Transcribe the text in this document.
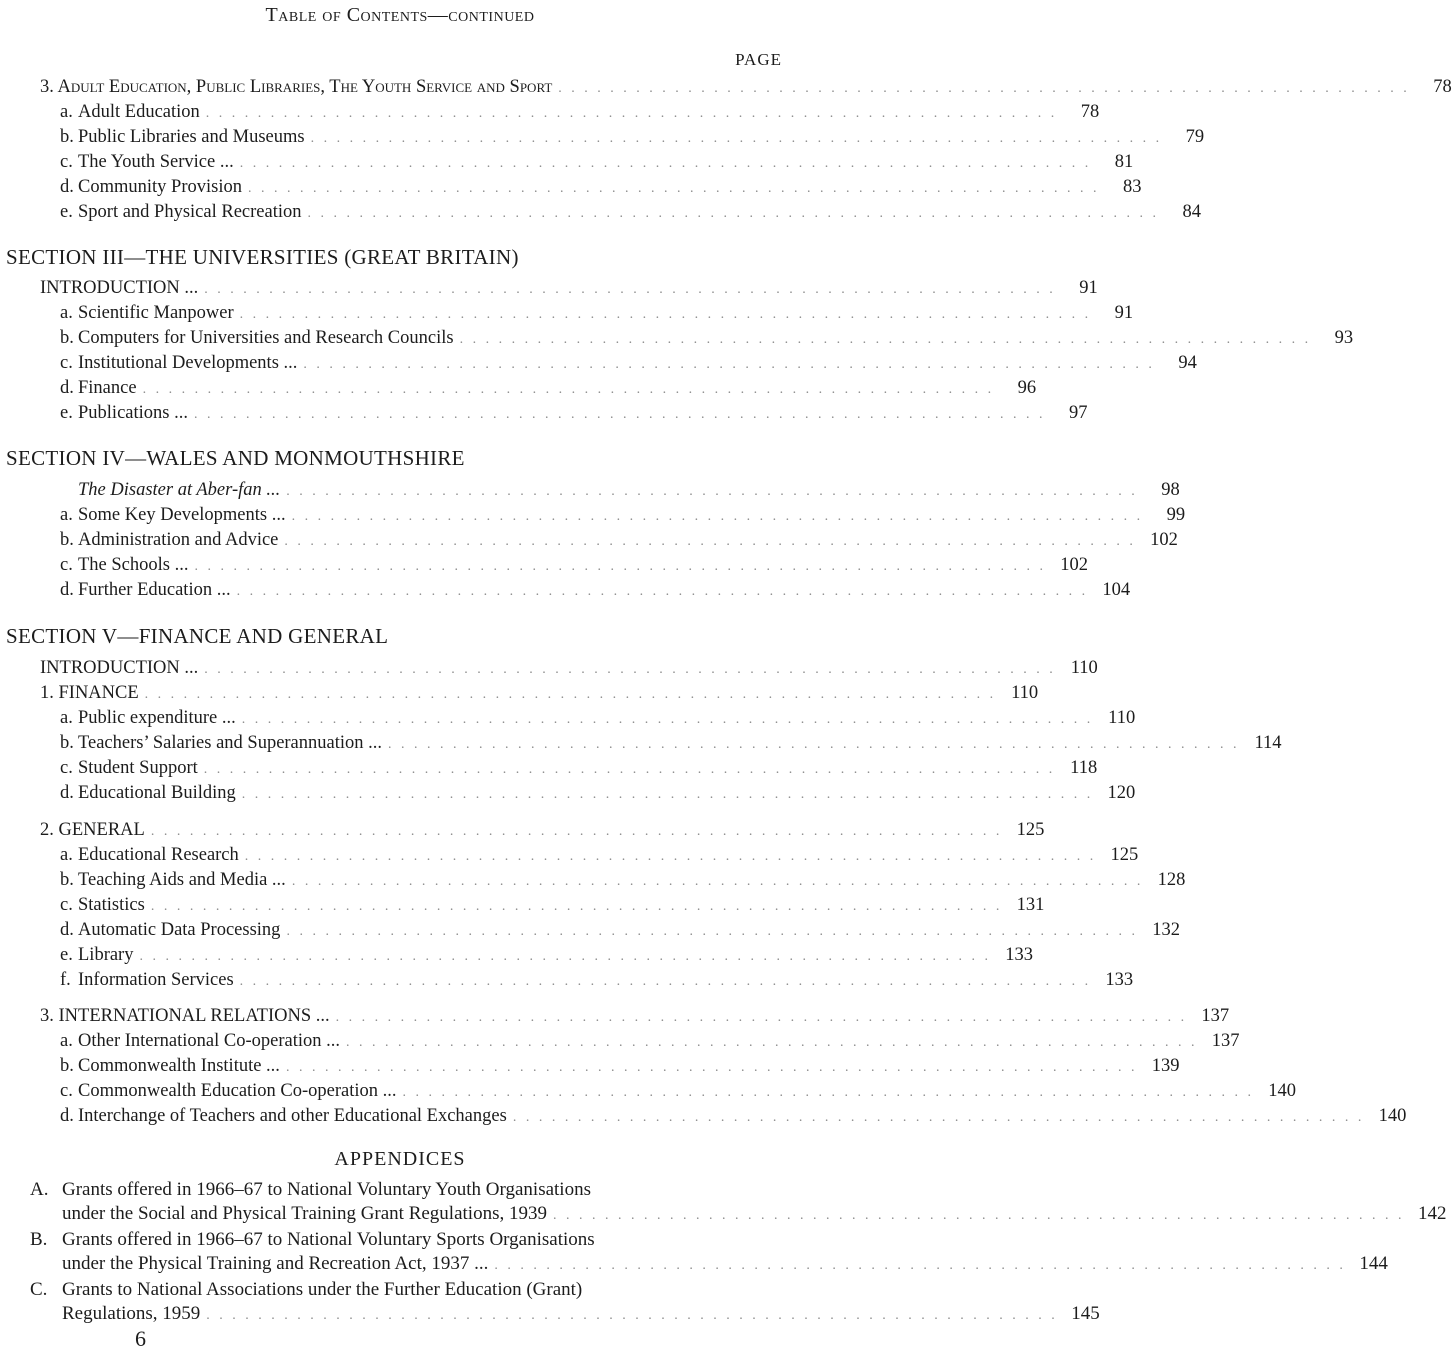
Table of Contents—continued
PAGE
3. Adult Education, Public Libraries, The Youth Service and Sport . . . . . . . . . . . . . . . . . . . . . . . . . . . . . . . . . . . . . . . . . . . . . . . . . . . . . . . . . . . . . . . . . .	78
a. Adult Education . . . . . . . . . . . . . . . . . . . . . . . . . . . . . . . . . . . . . . . . . . . . . . . . . . . . . . . . . . . . . . . . . .	78
b. Public Libraries and Museums . . . . . . . . . . . . . . . . . . . . . . . . . . . . . . . . . . . . . . . . . . . . . . . . . . . . . . . . . . . . . . . . . .	79
c. The Youth Service ... . . . . . . . . . . . . . . . . . . . . . . . . . . . . . . . . . . . . . . . . . . . . . . . . . . . . . . . . . . . . . . . . . .	81
d. Community Provision . . . . . . . . . . . . . . . . . . . . . . . . . . . . . . . . . . . . . . . . . . . . . . . . . . . . . . . . . . . . . . . . . .	83
e. Sport and Physical Recreation . . . . . . . . . . . . . . . . . . . . . . . . . . . . . . . . . . . . . . . . . . . . . . . . . . . . . . . . . . . . . . . . . .	84
SECTION III—THE UNIVERSITIES (GREAT BRITAIN)
INTRODUCTION ... . . . . . . . . . . . . . . . . . . . . . . . . . . . . . . . . . . . . . . . . . . . . . . . . . . . . . . . . . . . . . . . . . .	91
a. Scientific Manpower . . . . . . . . . . . . . . . . . . . . . . . . . . . . . . . . . . . . . . . . . . . . . . . . . . . . . . . . . . . . . . . . . .	91
b. Computers for Universities and Research Councils . . . . . . . . . . . . . . . . . . . . . . . . . . . . . . . . . . . . . . . . . . . . . . . . . . . . . . . . . . . . . . . . . .	93
c. Institutional Developments ... . . . . . . . . . . . . . . . . . . . . . . . . . . . . . . . . . . . . . . . . . . . . . . . . . . . . . . . . . . . . . . . . . .	94
d. Finance . . . . . . . . . . . . . . . . . . . . . . . . . . . . . . . . . . . . . . . . . . . . . . . . . . . . . . . . . . . . . . . . . .	96
e. Publications ... . . . . . . . . . . . . . . . . . . . . . . . . . . . . . . . . . . . . . . . . . . . . . . . . . . . . . . . . . . . . . . . . . .	97
SECTION IV—WALES AND MONMOUTHSHIRE
The Disaster at Aber-fan ... . . . . . . . . . . . . . . . . . . . . . . . . . . . . . . . . . . . . . . . . . . . . . . . . . . . . . . . . . . . . . . . . . .	98
a. Some Key Developments ... . . . . . . . . . . . . . . . . . . . . . . . . . . . . . . . . . . . . . . . . . . . . . . . . . . . . . . . . . . . . . . . . . .	99
b. Administration and Advice . . . . . . . . . . . . . . . . . . . . . . . . . . . . . . . . . . . . . . . . . . . . . . . . . . . . . . . . . . . . . . . . . . 102
c. The Schools ... . . . . . . . . . . . . . . . . . . . . . . . . . . . . . . . . . . . . . . . . . . . . . . . . . . . . . . . . . . . . . . . . . . 102
d. Further Education ... . . . . . . . . . . . . . . . . . . . . . . . . . . . . . . . . . . . . . . . . . . . . . . . . . . . . . . . . . . . . . . . . . . 104
SECTION V—FINANCE AND GENERAL
INTRODUCTION ... . . . . . . . . . . . . . . . . . . . . . . . . . . . . . . . . . . . . . . . . . . . . . . . . . . . . . . . . . . . . . . . . . . 110
1. FINANCE . . . . . . . . . . . . . . . . . . . . . . . . . . . . . . . . . . . . . . . . . . . . . . . . . . . . . . . . . . . . . . . . . . 110
a. Public expenditure ... . . . . . . . . . . . . . . . . . . . . . . . . . . . . . . . . . . . . . . . . . . . . . . . . . . . . . . . . . . . . . . . . . . 110
b. Teachers’ Salaries and Superannuation ... . . . . . . . . . . . . . . . . . . . . . . . . . . . . . . . . . . . . . . . . . . . . . . . . . . . . . . . . . . . . . . . . . . 114
c. Student Support . . . . . . . . . . . . . . . . . . . . . . . . . . . . . . . . . . . . . . . . . . . . . . . . . . . . . . . . . . . . . . . . . . 118
d. Educational Building . . . . . . . . . . . . . . . . . . . . . . . . . . . . . . . . . . . . . . . . . . . . . . . . . . . . . . . . . . . . . . . . . . 120
2. GENERAL . . . . . . . . . . . . . . . . . . . . . . . . . . . . . . . . . . . . . . . . . . . . . . . . . . . . . . . . . . . . . . . . . . 125
a. Educational Research . . . . . . . . . . . . . . . . . . . . . . . . . . . . . . . . . . . . . . . . . . . . . . . . . . . . . . . . . . . . . . . . . . 125
b. Teaching Aids and Media ... . . . . . . . . . . . . . . . . . . . . . . . . . . . . . . . . . . . . . . . . . . . . . . . . . . . . . . . . . . . . . . . . . . 128
c. Statistics . . . . . . . . . . . . . . . . . . . . . . . . . . . . . . . . . . . . . . . . . . . . . . . . . . . . . . . . . . . . . . . . . . 131
d. Automatic Data Processing . . . . . . . . . . . . . . . . . . . . . . . . . . . . . . . . . . . . . . . . . . . . . . . . . . . . . . . . . . . . . . . . . . 132
e. Library . . . . . . . . . . . . . . . . . . . . . . . . . . . . . . . . . . . . . . . . . . . . . . . . . . . . . . . . . . . . . . . . . . 133
f. Information Services . . . . . . . . . . . . . . . . . . . . . . . . . . . . . . . . . . . . . . . . . . . . . . . . . . . . . . . . . . . . . . . . . . 133
3. INTERNATIONAL RELATIONS ... . . . . . . . . . . . . . . . . . . . . . . . . . . . . . . . . . . . . . . . . . . . . . . . . . . . . . . . . . . . . . . . . . . 137
a. Other International Co-operation ... . . . . . . . . . . . . . . . . . . . . . . . . . . . . . . . . . . . . . . . . . . . . . . . . . . . . . . . . . . . . . . . . . . 137
b. Commonwealth Institute ... . . . . . . . . . . . . . . . . . . . . . . . . . . . . . . . . . . . . . . . . . . . . . . . . . . . . . . . . . . . . . . . . . . 139
c. Commonwealth Education Co-operation ... . . . . . . . . . . . . . . . . . . . . . . . . . . . . . . . . . . . . . . . . . . . . . . . . . . . . . . . . . . . . . . . . . . 140
d. Interchange of Teachers and other Educational Exchanges . . . . . . . . . . . . . . . . . . . . . . . . . . . . . . . . . . . . . . . . . . . . . . . . . . . . . . . . . . . . . . . . . . 140
APPENDICES
A. Grants offered in 1966–67 to National Voluntary Youth Organisations
under the Social and Physical Training Grant Regulations, 1939 . . . . . . . . . . . . . . . . . . . . . . . . . . . . . . . . . . . . . . . . . . . . . . . . . . . . . . . . . . . . . . . . . . 142
B. Grants offered in 1966–67 to National Voluntary Sports Organisations
under the Physical Training and Recreation Act, 1937 ... . . . . . . . . . . . . . . . . . . . . . . . . . . . . . . . . . . . . . . . . . . . . . . . . . . . . . . . . . . . . . . . . . . 144
C. Grants to National Associations under the Further Education (Grant)
Regulations, 1959 . . . . . . . . . . . . . . . . . . . . . . . . . . . . . . . . . . . . . . . . . . . . . . . . . . . . . . . . . . . . . . . . . . 145
6
